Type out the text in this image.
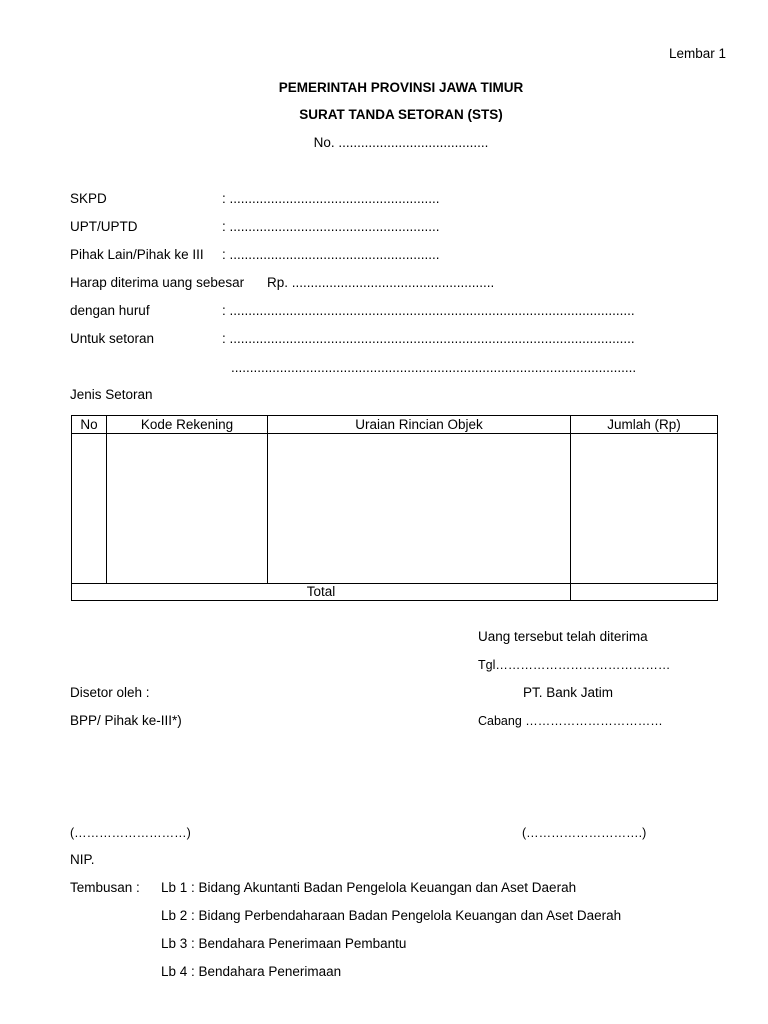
Lembar 1
PEMERINTAH PROVINSI JAWA TIMUR
SURAT TANDA SETORAN (STS)
No. ........................................
SKPD	: ........................................................
UPT/UPTD	: ........................................................
Pihak Lain/Pihak ke III : ........................................................
Harap diterima uang sebesar Rp. ......................................................
dengan huruf	: ............................................................................................................
Untuk setoran	: ............................................................................................................
............................................................................................................
Jenis Setoran
No	Kode Rekening	Uraian Rincian Objek	Jumlah (Rp)

Total			
Uang tersebut telah diterima
Tgl……………………………………
Disetor oleh :	PT. Bank Jatim
BPP/ Pihak ke-III*)	Cabang ……………………………
(………………………)	(……………………….)
NIP.
Tembusan : Lb 1 : Bidang Akuntanti Badan Pengelola Keuangan dan Aset Daerah
Lb 2 : Bidang Perbendaharaan Badan Pengelola Keuangan dan Aset Daerah
Lb 3 : Bendahara Penerimaan Pembantu
Lb 4 : Bendahara Penerimaan
